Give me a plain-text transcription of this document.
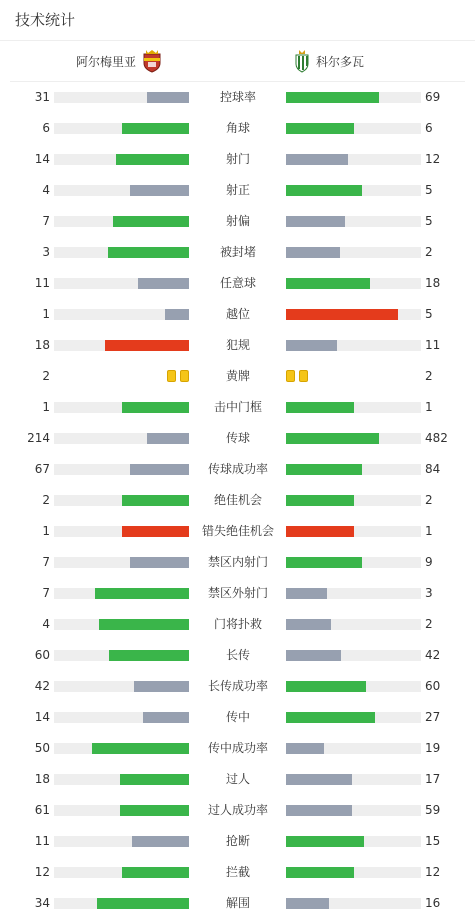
技术统计
阿尔梅里亚	科尔多瓦
31	控球率	69
6	角球	6
14	射门	12
4	射正	5
7	射偏	5
3	被封堵	2
11	任意球	18
1	越位	5
18	犯规	11
2	黄牌	2
1	击中门框	1
214	传球	482
67	传球成功率	84
2	绝佳机会	2
1	错失绝佳机会	1
7	禁区内射门	9
7	禁区外射门	3
4	门将扑救	2
60	长传	42
42	长传成功率	60
14	传中	27
50	传中成功率	19
18	过人	17
61	过人成功率	59
11	抢断	15
12	拦截	12
34	解围	16
